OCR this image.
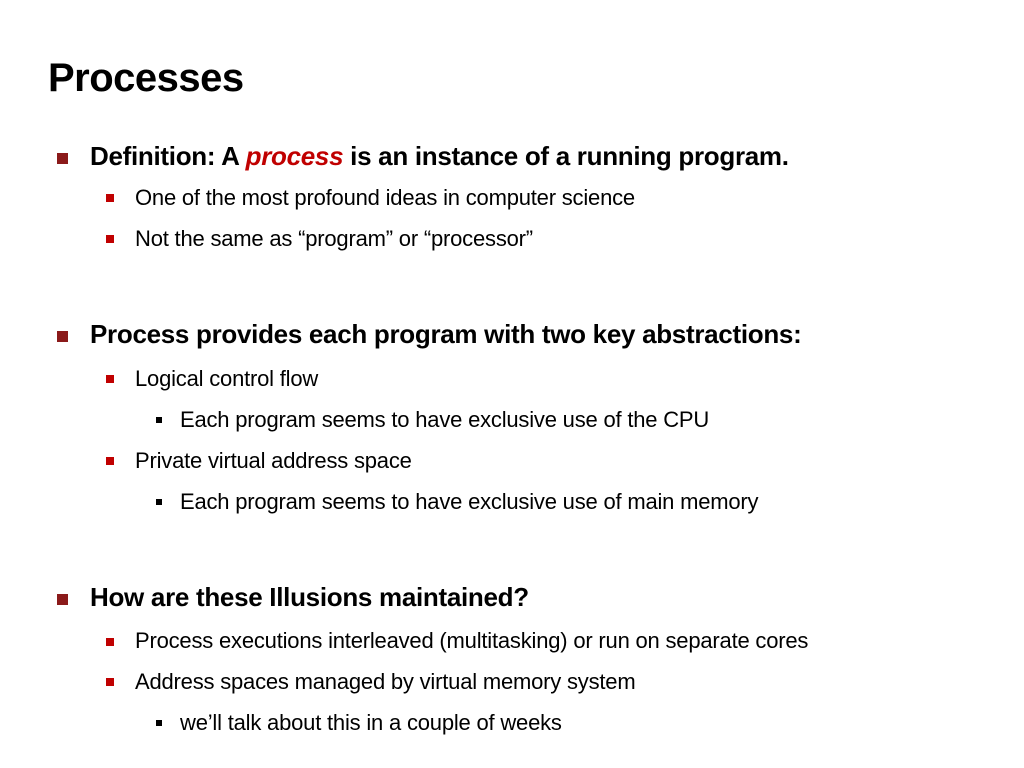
Processes
Definition: A process is an instance of a running program.
One of the most profound ideas in computer science
Not the same as “program” or “processor”
Process provides each program with two key abstractions:
Logical control flow
Each program seems to have exclusive use of the CPU
Private virtual address space
Each program seems to have exclusive use of main memory
How are these Illusions maintained?
Process executions interleaved (multitasking) or run on separate cores
Address spaces managed by virtual memory system
we’ll talk about this in a couple of weeks
